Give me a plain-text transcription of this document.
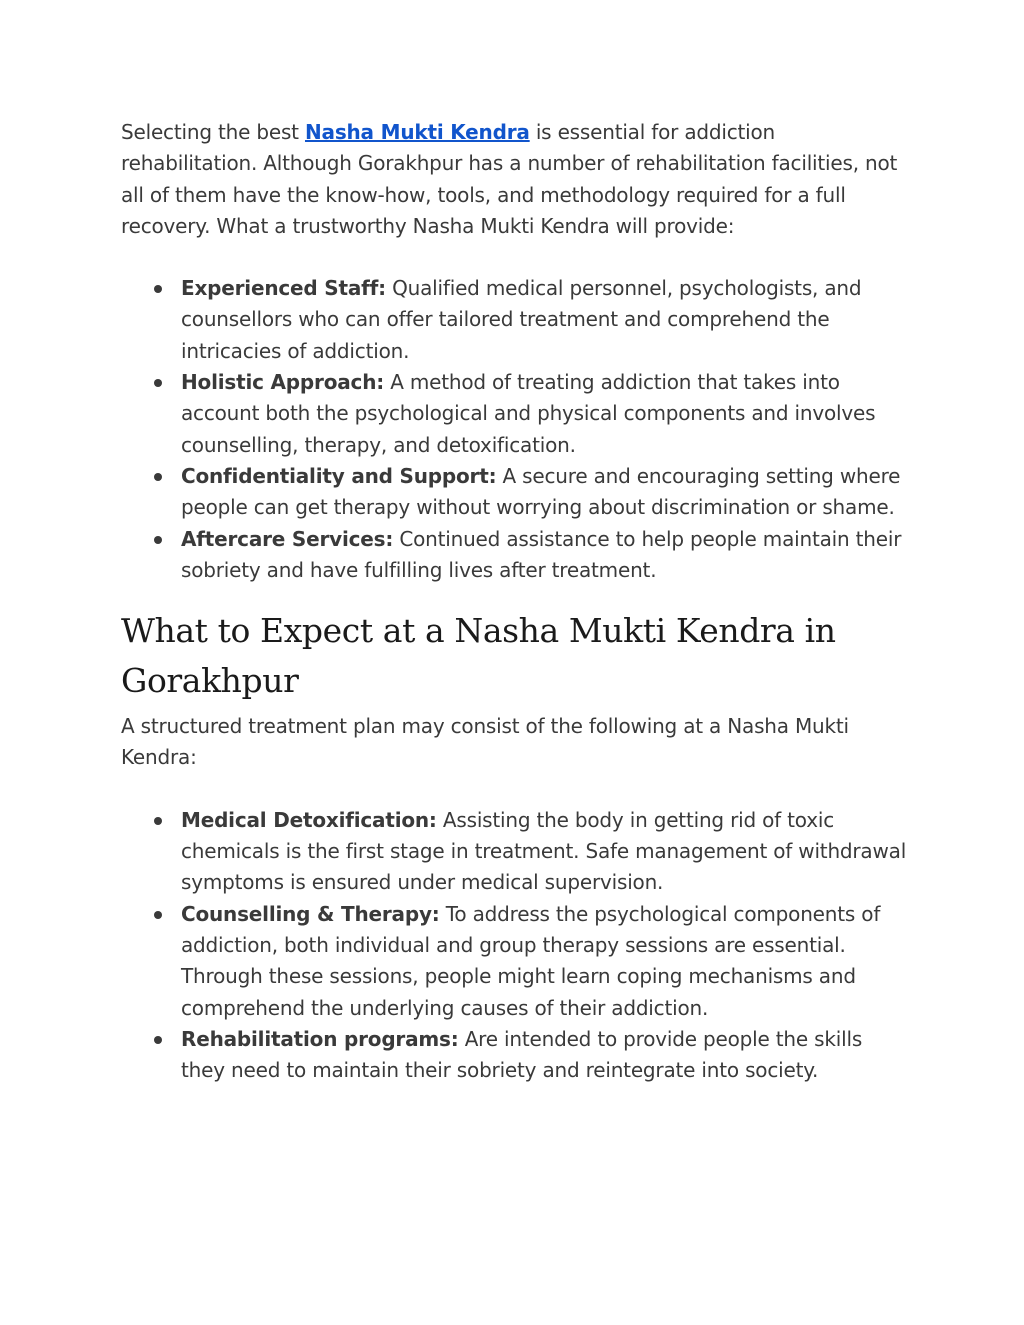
Selecting the best Nasha Mukti Kendra is essential for addiction rehabilitation. Although Gorakhpur has a number of rehabilitation facilities, not all of them have the know-how, tools, and methodology required for a full recovery. What a trustworthy Nasha Mukti Kendra will provide:

Experienced Staff: Qualified medical personnel, psychologists, and counsellors who can offer tailored treatment and comprehend the intricacies of addiction.
Holistic Approach: A method of treating addiction that takes into account both the psychological and physical components and involves counselling, therapy, and detoxification.
Confidentiality and Support: A secure and encouraging setting where people can get therapy without worrying about discrimination or shame.
Aftercare Services: Continued assistance to help people maintain their sobriety and have fulfilling lives after treatment.
What to Expect at a Nasha Mukti Kendra in Gorakhpur

A structured treatment plan may consist of the following at a Nasha Mukti Kendra:

Medical Detoxification: Assisting the body in getting rid of toxic chemicals is the first stage in treatment. Safe management of withdrawal symptoms is ensured under medical supervision.
Counselling & Therapy: To address the psychological components of addiction, both individual and group therapy sessions are essential. Through these sessions, people might learn coping mechanisms and comprehend the underlying causes of their addiction.
Rehabilitation programs: Are intended to provide people the skills they need to maintain their sobriety and reintegrate into society.
